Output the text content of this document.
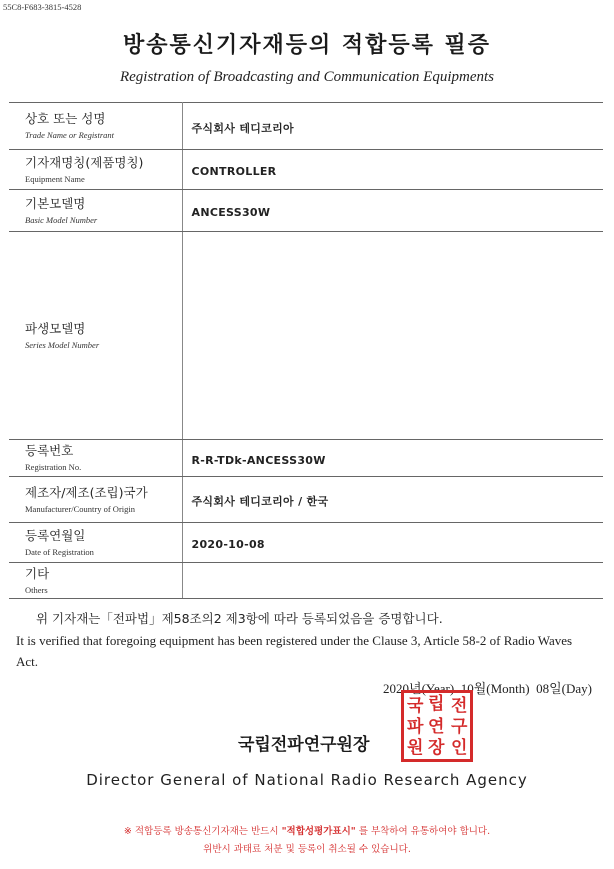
55C8-F683-3815-4528
방송통신기자재등의 적합등록 필증
Registration of Broadcasting and Communication Equipments
상호 또는 성명
Trade Name or Registrant	주식회사 테디코리아

기자재명칭(제품명칭)
Equipment Name	CONTROLLER

기본모델명
Basic Model Number	ANCESS30W

파생모델명
Series Model Number	

등록번호
Registration No.	R-R-TDk-ANCESS30W

제조자/제조(조립)국가
Manufacturer/Country of Origin	주식회사 테디코리아 / 한국

등록연월일
Date of Registration	2020-10-08

기타
Others	

위 기자재는「전파법」제58조의2 제3항에 따라 등록되었음을 증명합니다.
It is verified that foregoing equipment has been registered under the Clause 3, Article 58-2 of Radio Waves Act.
2020년(Year) 10월(Month) 08일(Day)
국립전파연구원장
국 립 전
파 연 구
원 장 인
Director General of National Radio Research Agency
※ 적합등록 방송통신기자재는 반드시 "적합성평가표시" 를 부착하여 유통하여야 합니다.
위반시 과태료 처분 및 등록이 취소될 수 있습니다.
